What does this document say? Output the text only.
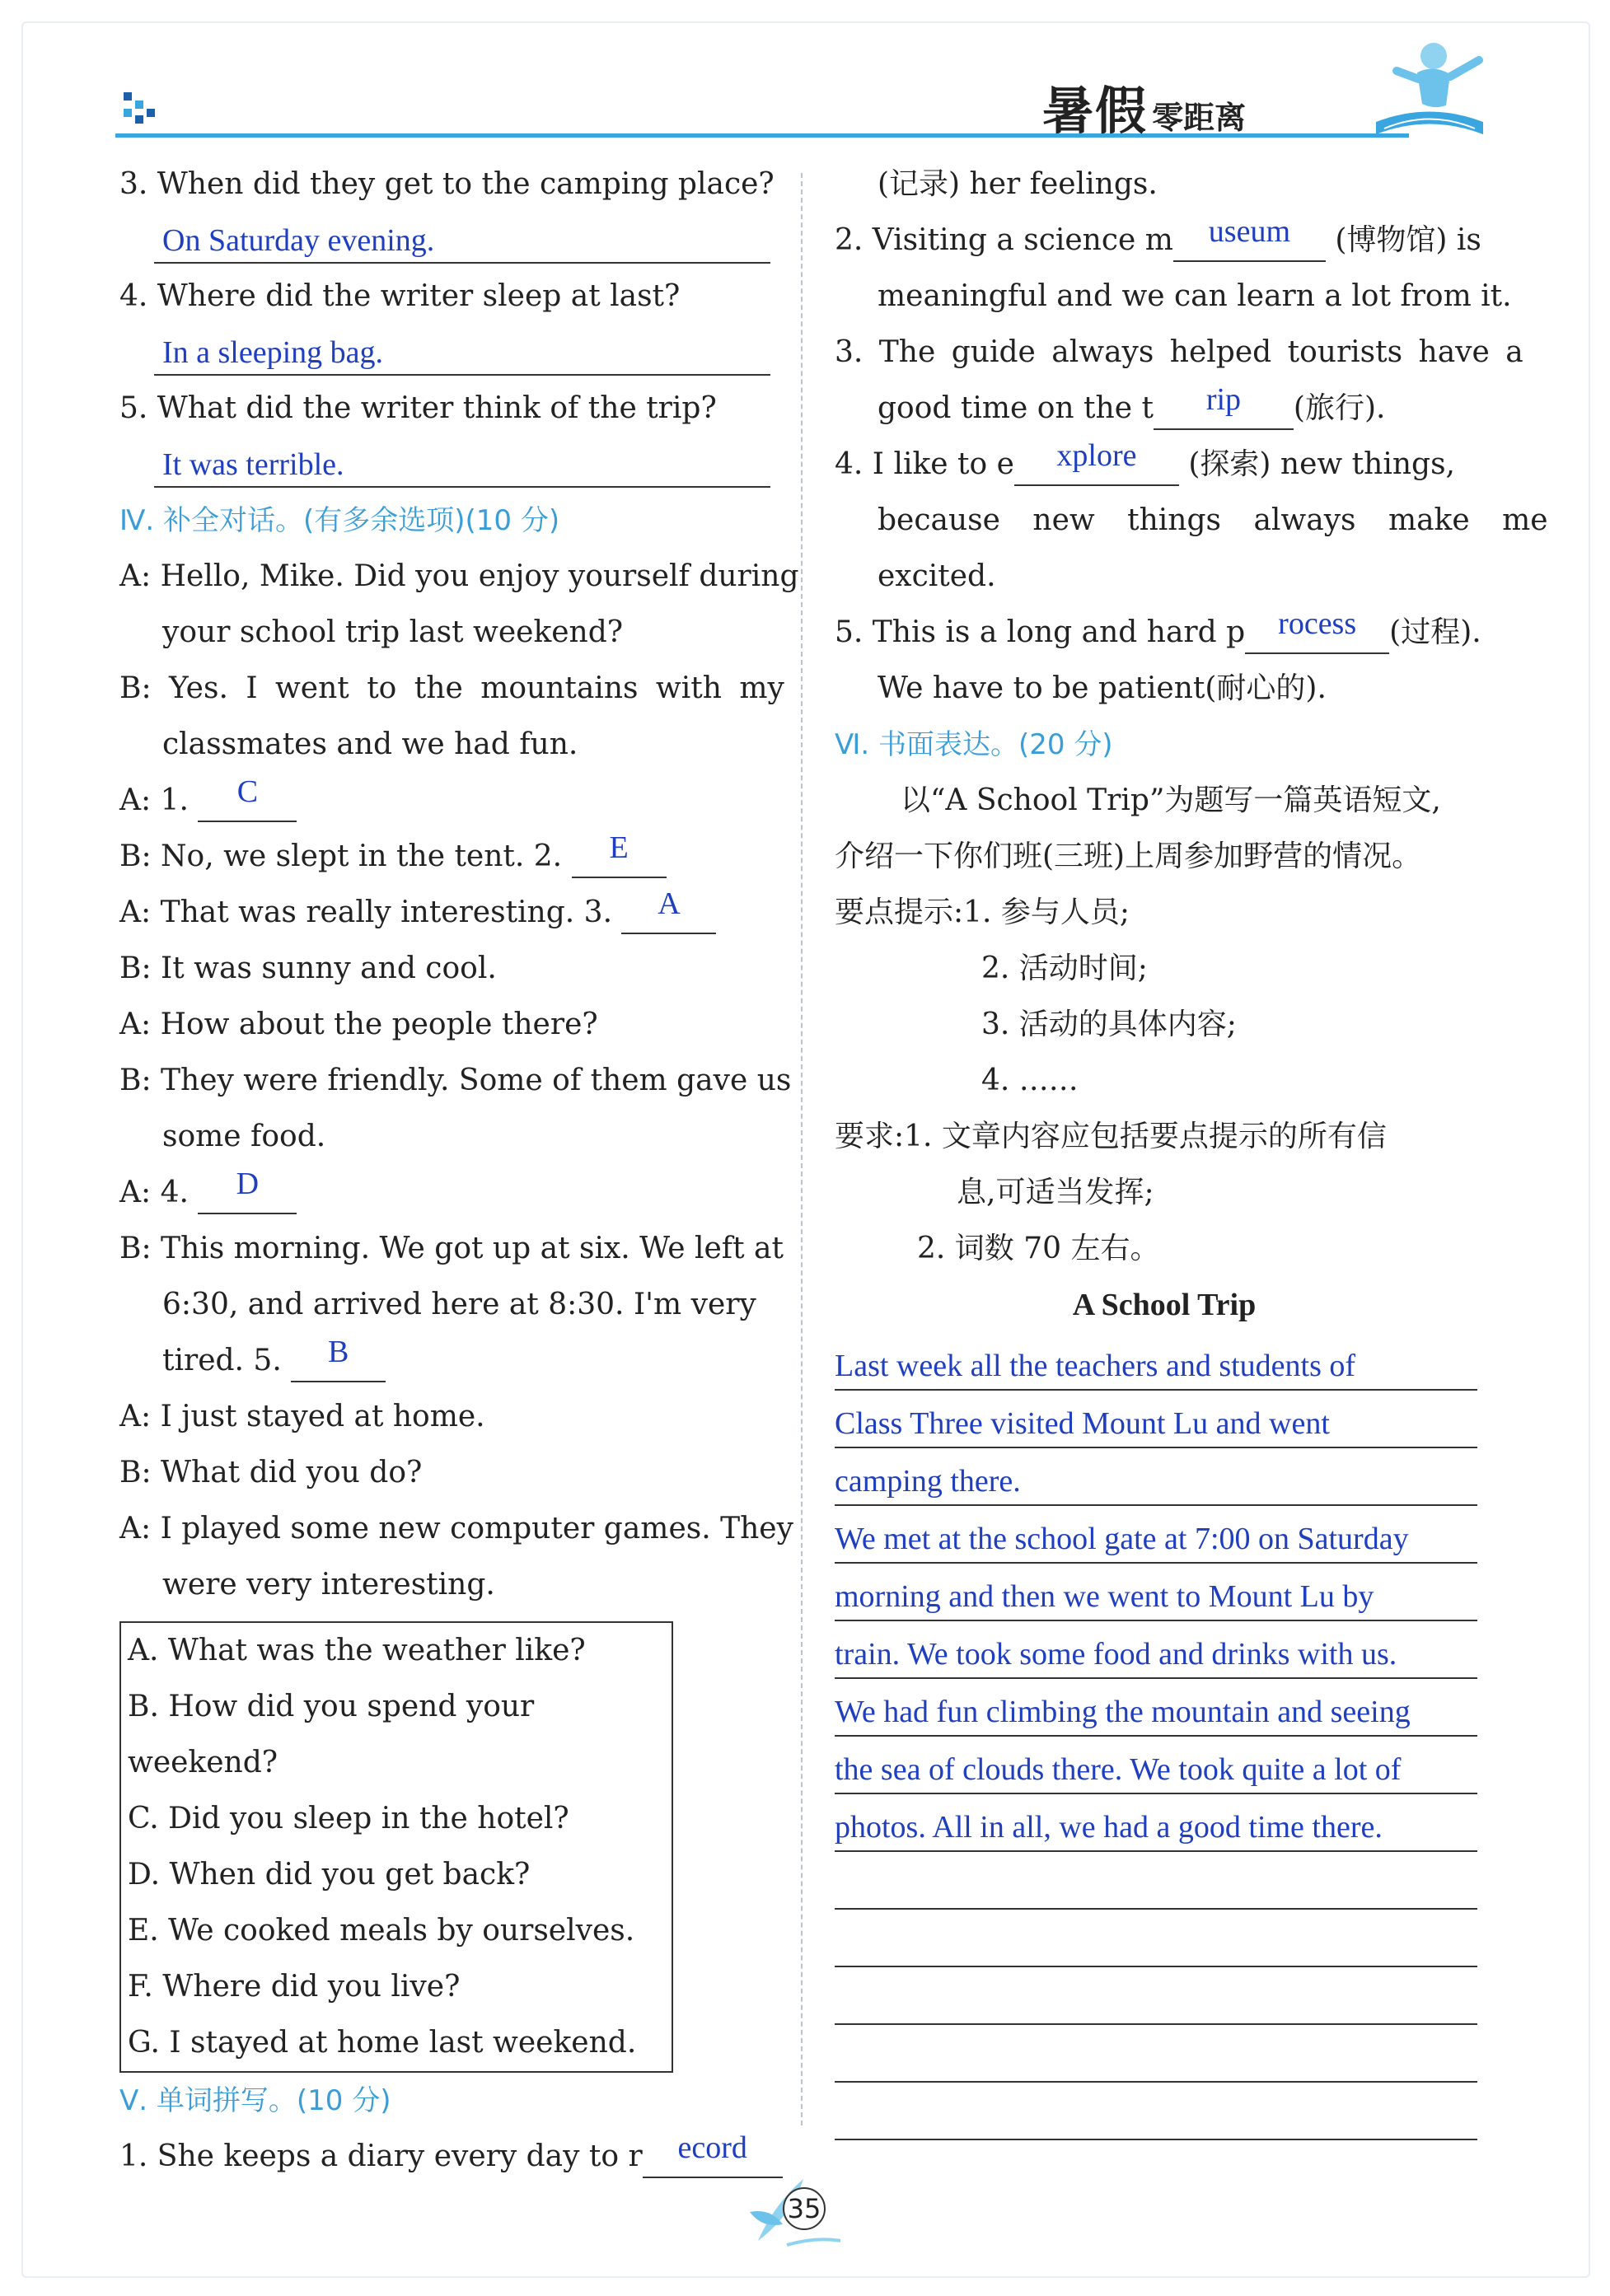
暑假 零距离
3. When did they get to the camping place?
On Saturday evening.
4. Where did the writer sleep at last?
In a sleeping bag.
5. What did the writer think of the trip?
It was terrible.
Ⅳ. 补全对话。(有多余选项)(10 分)
A: Hello, Mike. Did you enjoy yourself during
your school trip last weekend?
B: Yes. I went to the mountains with my
classmates and we had fun.
A: 1. C
B: No, we slept in the tent. 2. E
A: That was really interesting. 3. A
B: It was sunny and cool.
A: How about the people there?
B: They were friendly. Some of them gave us
some food.
A: 4. D
B: This morning. We got up at six. We left at
6:30, and arrived here at 8:30. I'm very
tired. 5. B
A: I just stayed at home.
B: What did you do?
A: I played some new computer games. They
were very interesting.
A. What was the weather like?
B. How did you spend your weekend?
C. Did you sleep in the hotel?
D. When did you get back?
E. We cooked meals by ourselves.
F. Where did you live?
G. I stayed at home last weekend.
Ⅴ. 单词拼写。(10 分)
1. She keeps a diary every day to r ecord
(记录) her feelings.
2. Visiting a science m useum (博物馆) is
meaningful and we can learn a lot from it.
3. The guide always helped tourists have a
good time on the t rip (旅行).
4. I like to e xplore (探索) new things,
because new things always make me
excited.
5. This is a long and hard p rocess (过程).
We have to be patient(耐心的).
Ⅵ. 书面表达。(20 分)
以“A School Trip”为题写一篇英语短文,
介绍一下你们班(三班)上周参加野营的情况。
要点提示:1. 参与人员;
2. 活动时间;
3. 活动的具体内容;
4. ……
要求:1. 文章内容应包括要点提示的所有信
息,可适当发挥;
2. 词数 70 左右。
A School Trip
Last week all the teachers and students of
Class Three visited Mount Lu and went
camping there.
We met at the school gate at 7:00 on Saturday
morning and then we went to Mount Lu by
train. We took some food and drinks with us.
We had fun climbing the mountain and seeing
the sea of clouds there. We took quite a lot of
photos. All in all, we had a good time there.
35
